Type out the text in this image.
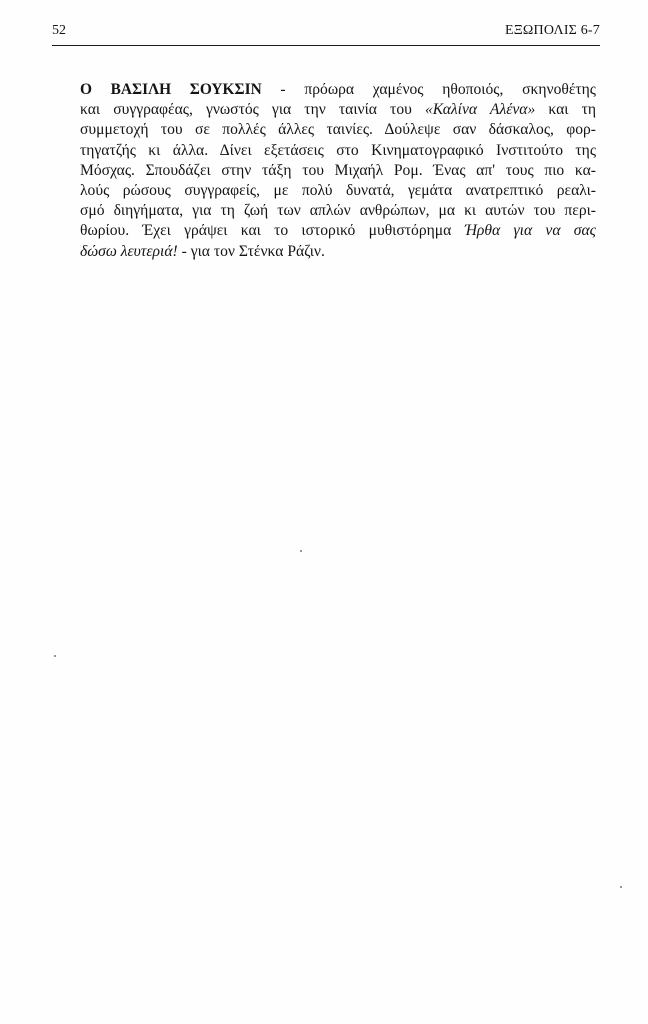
52	ΕΞΩΠΟΛΙΣ 6-7
Ο ΒΑΣΙΛΗ ΣΟΥΚΣΙΝ - πρόωρα χαμένος ηθοποιός, σκηνοθέτης
και συγγραφέας, γνωστός για την ταινία του «Καλίνα Αλένα» και τη
συμμετοχή του σε πολλές άλλες ταινίες. Δούλεψε σαν δάσκαλος, φορ-
τηγατζής κι άλλα. Δίνει εξετάσεις στο Κινηματογραφικό Ινστιτούτο της
Μόσχας. Σπουδάζει στην τάξη του Μιχαήλ Ρομ. Ένας απ' τους πιο κα-
λούς ρώσους συγγραφείς, με πολύ δυνατά, γεμάτα ανατρεπτικό ρεαλι-
σμό διηγήματα, για τη ζωή των απλών ανθρώπων, μα κι αυτών του περι-
θωρίου. Έχει γράψει και το ιστορικό μυθιστόρημα Ήρθα για να σας
δώσω λευτεριά! - για τον Στένκα Ράζιν.
